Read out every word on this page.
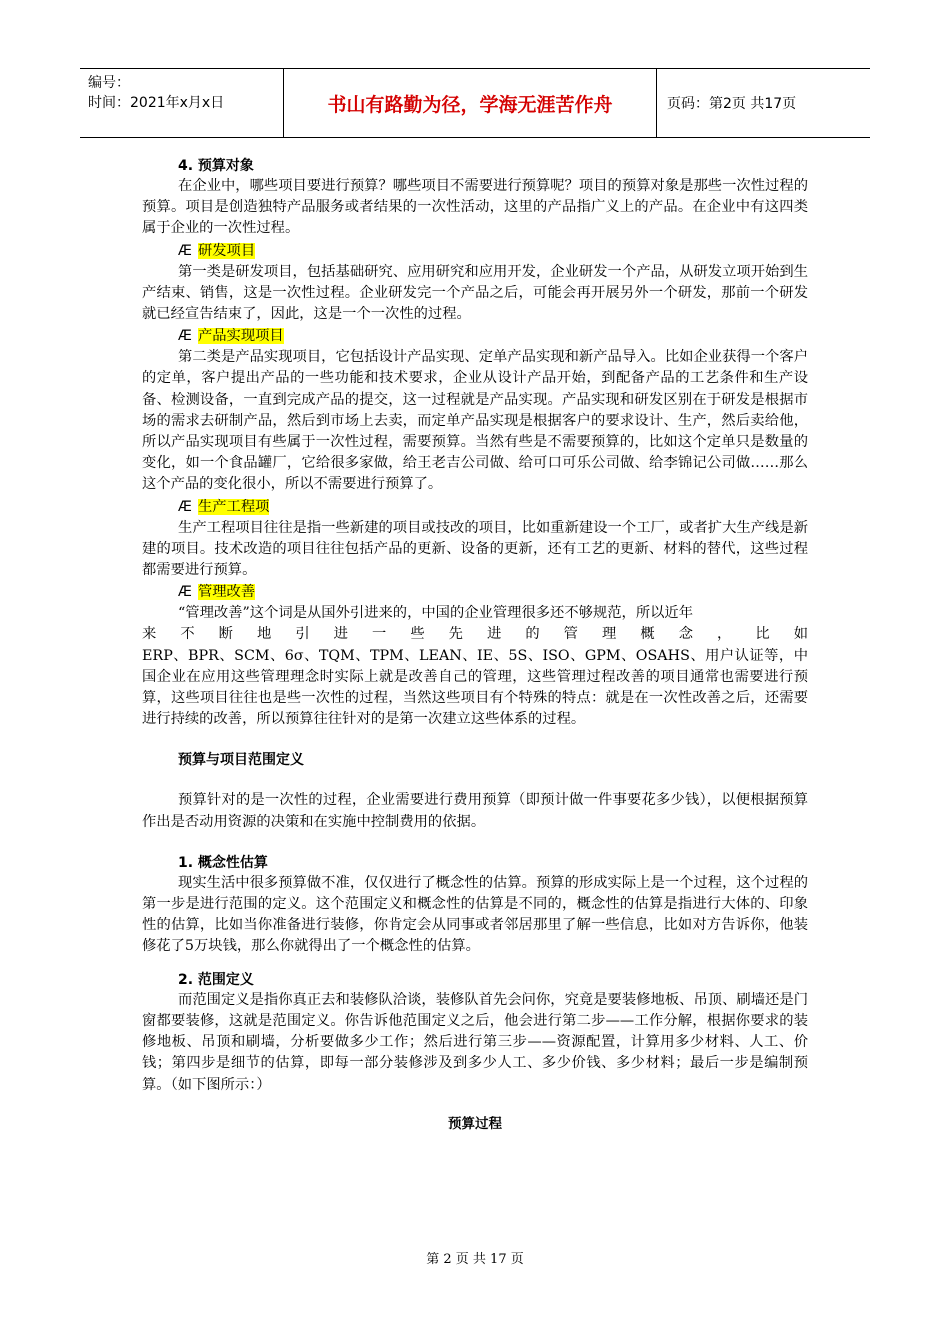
编号：
时间：2021年x月x日	书山有路勤为径，学海无涯苦作舟	页码：第2页 共17页
4. 预算对象

在企业中，哪些项目要进行预算？哪些项目不需要进行预算呢？项目的预算对象是那些一次性过程的预算。项目是创造独特产品服务或者结果的一次性活动，这里的产品指广义上的产品。在企业中有这四类属于企业的一次性过程。

Æ 研发项目

第一类是研发项目，包括基础研究、应用研究和应用开发，企业研发一个产品，从研发立项开始到生产结束、销售，这是一次性过程。企业研发完一个产品之后，可能会再开展另外一个研发，那前一个研发就已经宣告结束了，因此，这是一个一次性的过程。

Æ 产品实现项目

第二类是产品实现项目，它包括设计产品实现、定单产品实现和新产品导入。比如企业获得一个客户的定单，客户提出产品的一些功能和技术要求，企业从设计产品开始，到配备产品的工艺条件和生产设备、检测设备，一直到完成产品的提交，这一过程就是产品实现。产品实现和研发区别在于研发是根据市场的需求去研制产品，然后到市场上去卖，而定单产品实现是根据客户的要求设计、生产，然后卖给他，所以产品实现项目有些属于一次性过程，需要预算。当然有些是不需要预算的，比如这个定单只是数量的变化，如一个食品罐厂，它给很多家做，给王老吉公司做、给可口可乐公司做、给李锦记公司做……那么这个产品的变化很小，所以不需要进行预算了。

Æ 生产工程项

生产工程项目往往是指一些新建的项目或技改的项目，比如重新建设一个工厂，或者扩大生产线是新建的项目。技术改造的项目往往包括产品的更新、设备的更新，还有工艺的更新、材料的替代，这些过程都需要进行预算。

Æ 管理改善

“管理改善”这个词是从国外引进来的，中国的企业管理很多还不够规范，所以近年

来 不 断 地 引 进 一 些 先 进 的 管 理 概 念 ， 比 如

ERP、BPR、SCM、6σ、TQM、TPM、LEAN、IE、5S、ISO、GPM、OSAHS、用户认证等，中国企业在应用这些管理理念时实际上就是改善自己的管理，这些管理过程改善的项目通常也需要进行预算，这些项目往往也是些一次性的过程，当然这些项目有个特殊的特点：就是在一次性改善之后，还需要进行持续的改善，所以预算往往针对的是第一次建立这些体系的过程。

预算与项目范围定义

预算针对的是一次性的过程，企业需要进行费用预算（即预计做一件事要花多少钱），以便根据预算作出是否动用资源的决策和在实施中控制费用的依据。

1. 概念性估算

现实生活中很多预算做不准，仅仅进行了概念性的估算。预算的形成实际上是一个过程，这个过程的第一步是进行范围的定义。这个范围定义和概念性的估算是不同的，概念性的估算是指进行大体的、印象性的估算，比如当你准备进行装修，你肯定会从同事或者邻居那里了解一些信息，比如对方告诉你，他装修花了5万块钱，那么你就得出了一个概念性的估算。

2. 范围定义

而范围定义是指你真正去和装修队洽谈，装修队首先会问你，究竟是要装修地板、吊顶、刷墙还是门窗都要装修，这就是范围定义。你告诉他范围定义之后，他会进行第二步——工作分解，根据你要求的装修地板、吊顶和刷墙，分析要做多少工作；然后进行第三步——资源配置，计算用多少材料、人工、价钱；第四步是细节的估算，即每一部分装修涉及到多少人工、多少价钱、多少材料；最后一步是编制预算。（如下图所示：）

预算过程
第 2 页 共 17 页
